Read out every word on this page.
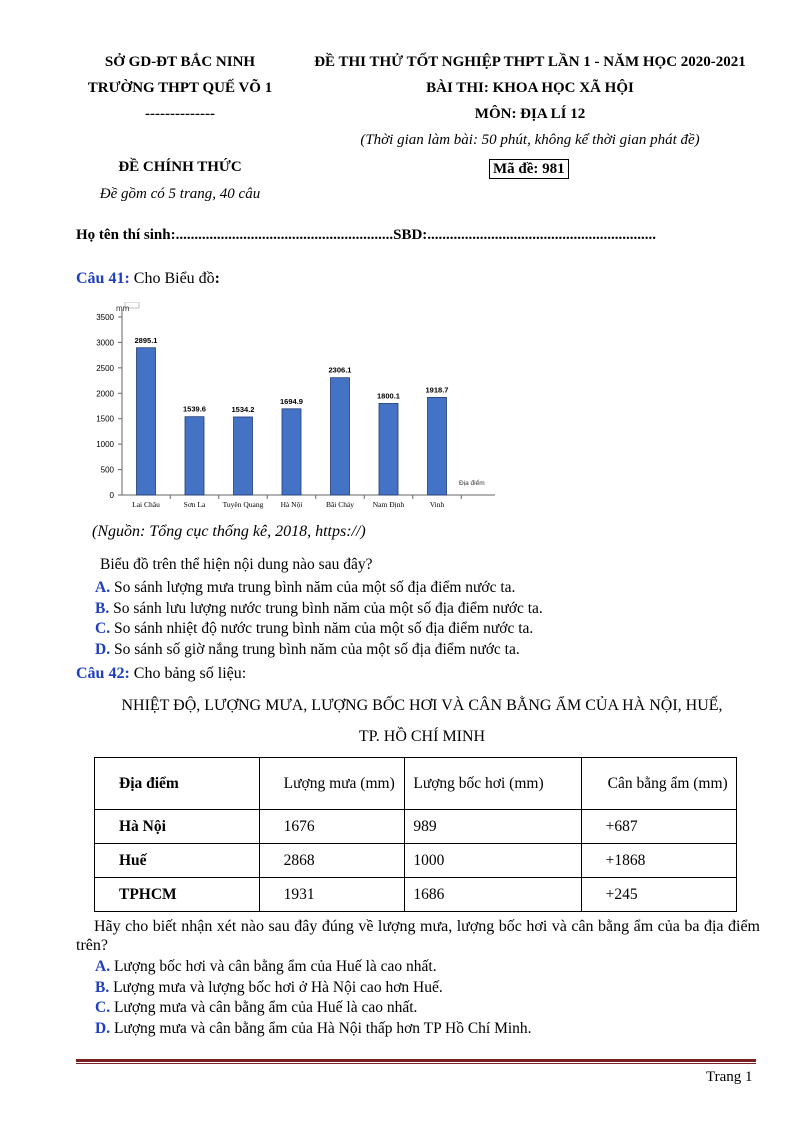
SỞ GD-ĐT BẮC NINH
TRƯỜNG THPT QUẾ VÕ 1
--------------
ĐỀ THI THỬ TỐT NGHIỆP THPT LẦN 1 - NĂM HỌC 2020-2021
BÀI THI: KHOA HỌC XÃ HỘI
MÔN: ĐỊA LÍ 12
(Thời gian làm bài: 50 phút, không kể thời gian phát đề)
ĐỀ CHÍNH THỨC
Đề gồm có 5 trang, 40 câu
Mã đề: 981
Họ tên thí sinh:..........................................................SBD:.............................................................
Câu 41: Cho Biểu đồ:
0
500
1000
1500
2000
2500
3000
3500
mm
Địa điểm
2895.1
Lai Châu
1539.6
Sơn La
1534.2
Tuyên Quang
1694.9
Hà Nội
2306.1
Bãi Cháy
1800.1
Nam Định
1918.7
Vinh
(Nguồn: Tổng cục thống kê, 2018, https://)
Biểu đồ trên thể hiện nội dung nào sau đây?
A. So sánh lượng mưa trung bình năm của một số địa điểm nước ta.
B. So sánh lưu lượng nước trung bình năm của một số địa điểm nước ta.
C. So sánh nhiệt độ nước trung bình năm của một số địa điểm nước ta.
D. So sánh số giờ nắng trung bình năm của một số địa điểm nước ta.
Câu 42: Cho bảng số liệu:
NHIỆT ĐỘ, LƯỢNG MƯA, LƯỢNG BỐC HƠI VÀ CÂN BẰNG ẨM CỦA HÀ NỘI, HUẾ,
TP. HỒ CHÍ MINH
Địa điểm	Lượng mưa (mm)	Lượng bốc hơi (mm)	Cân bằng ẩm (mm)
Hà Nội	1676	989	+687
Huế	2868	1000	+1868
TPHCM	1931	1686	+245
Hãy cho biết nhận xét nào sau đây đúng về lượng mưa, lượng bốc hơi và cân bằng ẩm của ba địa điểm trên?
A. Lượng bốc hơi và cân bằng ẩm của Huế là cao nhất.
B. Lượng mưa và lượng bốc hơi ở Hà Nội cao hơn Huế.
C. Lượng mưa và cân bằng ẩm của Huế là cao nhất.
D. Lượng mưa và cân bằng ẩm của Hà Nội thấp hơn TP Hồ Chí Minh.
Trang 1
